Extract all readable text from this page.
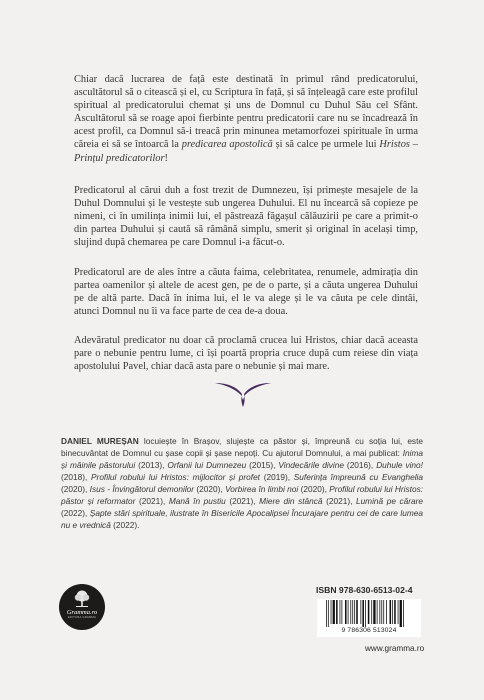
Chiar dacă lucrarea de față este destinată în primul rând predicatorului, ascultătorul să o citească și el, cu Scriptura în față, și să înțeleagă care este profilul spiritual al predicatorului chemat și uns de Domnul cu Duhul Său cel Sfânt. Ascultătorul să se roage apoi fierbinte pentru predicatorii care nu se încadrează în acest profil, ca Domnul să-i treacă prin minunea metamorfozei spirituale în urma căreia ei să se întoarcă la predicarea apostolică și să calce pe urmele lui Hristos – Prințul predicatorilor!

Predicatorul al cărui duh a fost trezit de Dumnezeu, își primește mesajele de la Duhul Domnului și le vestește sub ungerea Duhului. El nu încearcă să copieze pe nimeni, ci în umilința inimii lui, el păstrează făgașul călăuzirii pe care a primit-o din partea Duhului și caută să rămână simplu, smerit și original în același timp, slujind după chemarea pe care Domnul i-a făcut-o.

Predicatorul are de ales între a căuta faima, celebritatea, renumele, admirația din partea oamenilor și altele de acest gen, pe de o parte, și a căuta ungerea Duhului pe de altă parte. Dacă în inima lui, el le va alege și le va căuta pe cele dintâi, atunci Domnul nu îi va face parte de cea de-a doua.

Adevăratul predicator nu doar că proclamă crucea lui Hristos, chiar dacă aceasta pare o nebunie pentru lume, ci își poartă propria cruce după cum reiese din viața apostolului Pavel, chiar dacă asta pare o nebunie și mai mare.

DANIEL MUREȘAN locuiește în Brașov, slujește ca păstor și, împreună cu soția lui, este binecuvântat de Domnul cu șase copii și șase nepoți. Cu ajutorul Domnului, a mai publicat: Inima și mâinile păstorului (2013), Orfanii lui Dumnezeu (2015), Vindecările divine (2016), Duhule vino! (2018), Profilul robului lui Hristos: mijlocitor și profet (2019), Suferința împreună cu Evanghelia (2020), Isus - Învingătorul demonilor (2020), Vorbirea în limbi noi (2020), Profilul robului lui Hristos: păstor și reformator (2021), Mană în pustiu (2021), Miere din stâncă (2021), Lumină pe cărare (2022), Șapte stări spirituale, ilustrate în Bisericile Apocalipsei Încurajare pentru cei de care lumea nu e vrednică (2022).

Gramma.ro
EDITURA GRAMMA
ISBN 978-630-6513-02-4
9 786306 513024
www.gramma.ro
